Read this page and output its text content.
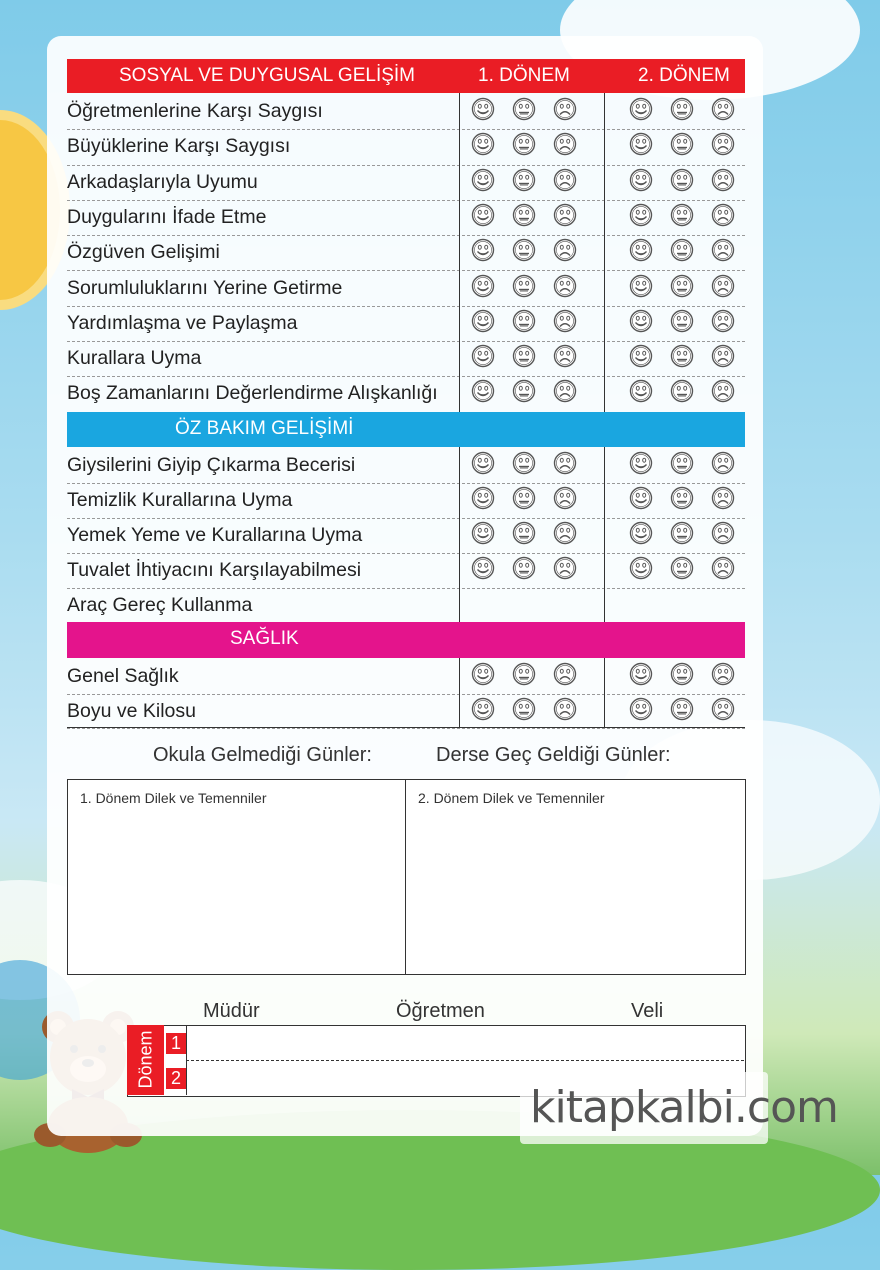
SOSYAL VE DUYGUSAL GELİŞİM	1. DÖNEM	2. DÖNEM
Öğretmenlerine Karşı Saygısı
Büyüklerine Karşı Saygısı
Arkadaşlarıyla Uyumu
Duygularını İfade Etme
Özgüven Gelişimi
Sorumluluklarını Yerine Getirme
Yardımlaşma ve Paylaşma
Kurallara Uyma
Boş Zamanlarını Değerlendirme Alışkanlığı
ÖZ BAKIM GELİŞİMİ
Giysilerini Giyip Çıkarma Becerisi
Temizlik Kurallarına Uyma
Yemek Yeme ve Kurallarına Uyma
Tuvalet İhtiyacını Karşılayabilmesi
Araç Gereç Kullanma
SAĞLIK
Genel Sağlık
Boyu ve Kilosu
Okula Gelmediği Günler:	Derse Geç Geldiği Günler:
1. Dönem Dilek ve Temenniler	2. Dönem Dilek ve Temenniler
Müdür	Öğretmen	Veli
Dönem 1
2
kitapkalbi.com
